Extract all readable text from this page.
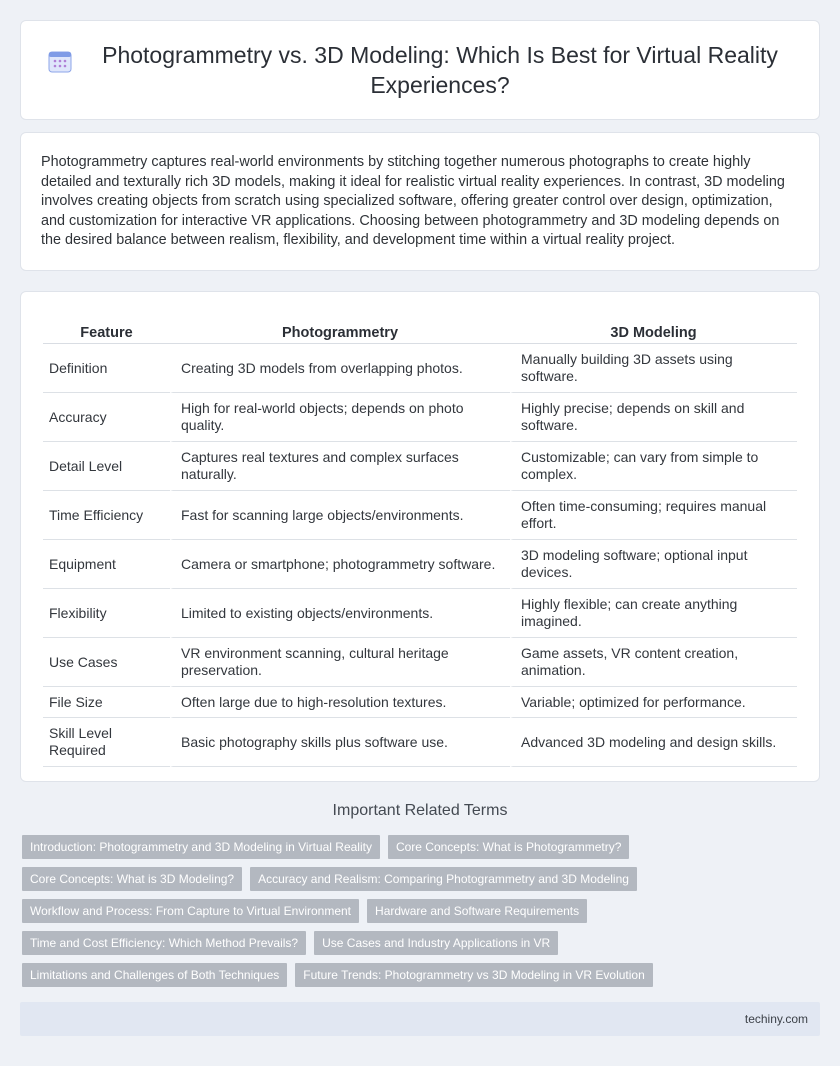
Photogrammetry vs. 3D Modeling: Which Is Best for Virtual Reality Experiences?

Photogrammetry captures real-world environments by stitching together numerous photographs to create highly detailed and texturally rich 3D models, making it ideal for realistic virtual reality experiences. In contrast, 3D modeling involves creating objects from scratch using specialized software, offering greater control over design, optimization, and customization for interactive VR applications. Choosing between photogrammetry and 3D modeling depends on the desired balance between realism, flexibility, and development time within a virtual reality project.

Feature	Photogrammetry	3D Modeling
Definition	Creating 3D models from overlapping photos.	Manually building 3D assets using software.
Accuracy	High for real-world objects; depends on photo quality.	Highly precise; depends on skill and software.
Detail Level	Captures real textures and complex surfaces naturally.	Customizable; can vary from simple to complex.
Time Efficiency	Fast for scanning large objects/environments.	Often time-consuming; requires manual effort.
Equipment	Camera or smartphone; photogrammetry software.	3D modeling software; optional input devices.
Flexibility	Limited to existing objects/environments.	Highly flexible; can create anything imagined.
Use Cases	VR environment scanning, cultural heritage preservation.	Game assets, VR content creation, animation.
File Size	Often large due to high-resolution textures.	Variable; optimized for performance.
Skill Level Required	Basic photography skills plus software use.	Advanced 3D modeling and design skills.
Important Related Terms
Introduction: Photogrammetry and 3D Modeling in Virtual Reality	Core Concepts: What is Photogrammetry?
Core Concepts: What is 3D Modeling?	Accuracy and Realism: Comparing Photogrammetry and 3D Modeling
Workflow and Process: From Capture to Virtual Environment	Hardware and Software Requirements
Time and Cost Efficiency: Which Method Prevails?	Use Cases and Industry Applications in VR
Limitations and Challenges of Both Techniques	Future Trends: Photogrammetry vs 3D Modeling in VR Evolution
techiny.com
